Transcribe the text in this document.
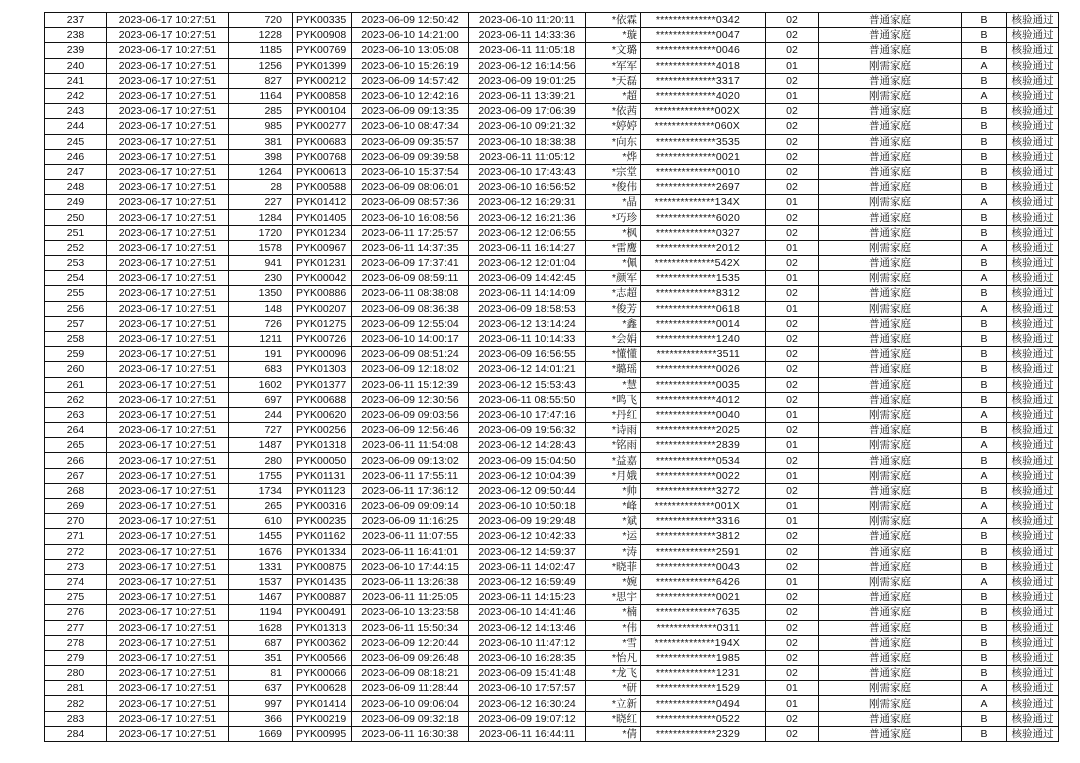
237	2023-06-17 10:27:51	720	PYK00335	2023-06-09 12:50:42	2023-06-10 11:20:11	*依霖	**************0342	02	普通家庭	B	核验通过
238	2023-06-17 10:27:51	1228	PYK00908	2023-06-10 14:21:00	2023-06-11 14:33:36	*璇	**************0047	02	普通家庭	B	核验通过
239	2023-06-17 10:27:51	1185	PYK00769	2023-06-10 13:05:08	2023-06-11 11:05:18	*文璐	**************0046	02	普通家庭	B	核验通过
240	2023-06-17 10:27:51	1256	PYK01399	2023-06-10 15:26:19	2023-06-12 16:14:56	*军军	**************4018	01	刚需家庭	A	核验通过
241	2023-06-17 10:27:51	827	PYK00212	2023-06-09 14:57:42	2023-06-09 19:01:25	*天磊	**************3317	02	普通家庭	B	核验通过
242	2023-06-17 10:27:51	1164	PYK00858	2023-06-10 12:42:16	2023-06-11 13:39:21	*超	**************4020	01	刚需家庭	A	核验通过
243	2023-06-17 10:27:51	285	PYK00104	2023-06-09 09:13:35	2023-06-09 17:06:39	*依茜	**************002X	02	普通家庭	B	核验通过
244	2023-06-17 10:27:51	985	PYK00277	2023-06-10 08:47:34	2023-06-10 09:21:32	*婷婷	**************060X	02	普通家庭	B	核验通过
245	2023-06-17 10:27:51	381	PYK00683	2023-06-09 09:35:57	2023-06-10 18:38:38	*向东	**************3535	02	普通家庭	B	核验通过
246	2023-06-17 10:27:51	398	PYK00768	2023-06-09 09:39:58	2023-06-11 11:05:12	*烨	**************0021	02	普通家庭	B	核验通过
247	2023-06-17 10:27:51	1264	PYK00613	2023-06-10 15:37:54	2023-06-10 17:43:43	*宗堂	**************0010	02	普通家庭	B	核验通过
248	2023-06-17 10:27:51	28	PYK00588	2023-06-09 08:06:01	2023-06-10 16:56:52	*俊伟	**************2697	02	普通家庭	B	核验通过
249	2023-06-17 10:27:51	227	PYK01412	2023-06-09 08:57:36	2023-06-12 16:29:31	*晶	**************134X	01	刚需家庭	A	核验通过
250	2023-06-17 10:27:51	1284	PYK01405	2023-06-10 16:08:56	2023-06-12 16:21:36	*巧珍	**************6020	02	普通家庭	B	核验通过
251	2023-06-17 10:27:51	1720	PYK01234	2023-06-11 17:25:57	2023-06-12 12:06:55	*枫	**************0327	02	普通家庭	B	核验通过
252	2023-06-17 10:27:51	1578	PYK00967	2023-06-11 14:37:35	2023-06-11 16:14:27	*雷鹰	**************2012	01	刚需家庭	A	核验通过
253	2023-06-17 10:27:51	941	PYK01231	2023-06-09 17:37:41	2023-06-12 12:01:04	*佩	**************542X	02	普通家庭	B	核验通过
254	2023-06-17 10:27:51	230	PYK00042	2023-06-09 08:59:11	2023-06-09 14:42:45	*颜军	**************1535	01	刚需家庭	A	核验通过
255	2023-06-17 10:27:51	1350	PYK00886	2023-06-11 08:38:08	2023-06-11 14:14:09	*志超	**************8312	02	普通家庭	B	核验通过
256	2023-06-17 10:27:51	148	PYK00207	2023-06-09 08:36:38	2023-06-09 18:58:53	*俊芳	**************0618	01	刚需家庭	A	核验通过
257	2023-06-17 10:27:51	726	PYK01275	2023-06-09 12:55:04	2023-06-12 13:14:24	*鑫	**************0014	02	普通家庭	B	核验通过
258	2023-06-17 10:27:51	1211	PYK00726	2023-06-10 14:00:17	2023-06-11 10:14:33	*会娟	**************1240	02	普通家庭	B	核验通过
259	2023-06-17 10:27:51	191	PYK00096	2023-06-09 08:51:24	2023-06-09 16:56:55	*懂懂	**************3511	02	普通家庭	B	核验通过
260	2023-06-17 10:27:51	683	PYK01303	2023-06-09 12:18:02	2023-06-12 14:01:21	*璐瑶	**************0026	02	普通家庭	B	核验通过
261	2023-06-17 10:27:51	1602	PYK01377	2023-06-11 15:12:39	2023-06-12 15:53:43	*慧	**************0035	02	普通家庭	B	核验通过
262	2023-06-17 10:27:51	697	PYK00688	2023-06-09 12:30:56	2023-06-11 08:55:50	*鸣飞	**************4012	02	普通家庭	B	核验通过
263	2023-06-17 10:27:51	244	PYK00620	2023-06-09 09:03:56	2023-06-10 17:47:16	*丹红	**************0040	01	刚需家庭	A	核验通过
264	2023-06-17 10:27:51	727	PYK00256	2023-06-09 12:56:46	2023-06-09 19:56:32	*诗雨	**************2025	02	普通家庭	B	核验通过
265	2023-06-17 10:27:51	1487	PYK01318	2023-06-11 11:54:08	2023-06-12 14:28:43	*铭雨	**************2839	01	刚需家庭	A	核验通过
266	2023-06-17 10:27:51	280	PYK00050	2023-06-09 09:13:02	2023-06-09 15:04:50	*益嘉	**************0534	02	普通家庭	B	核验通过
267	2023-06-17 10:27:51	1755	PYK01131	2023-06-11 17:55:11	2023-06-12 10:04:39	*月娥	**************0022	01	刚需家庭	A	核验通过
268	2023-06-17 10:27:51	1734	PYK01123	2023-06-11 17:36:12	2023-06-12 09:50:44	*帅	**************3272	02	普通家庭	B	核验通过
269	2023-06-17 10:27:51	265	PYK00316	2023-06-09 09:09:14	2023-06-10 10:50:18	*峰	**************001X	01	刚需家庭	A	核验通过
270	2023-06-17 10:27:51	610	PYK00235	2023-06-09 11:16:25	2023-06-09 19:29:48	*斌	**************3316	01	刚需家庭	A	核验通过
271	2023-06-17 10:27:51	1455	PYK01162	2023-06-11 11:07:55	2023-06-12 10:42:33	*运	**************3812	02	普通家庭	B	核验通过
272	2023-06-17 10:27:51	1676	PYK01334	2023-06-11 16:41:01	2023-06-12 14:59:37	*涛	**************2591	02	普通家庭	B	核验通过
273	2023-06-17 10:27:51	1331	PYK00875	2023-06-10 17:44:15	2023-06-11 14:02:47	*晓菲	**************0043	02	普通家庭	B	核验通过
274	2023-06-17 10:27:51	1537	PYK01435	2023-06-11 13:26:38	2023-06-12 16:59:49	*婉	**************6426	01	刚需家庭	A	核验通过
275	2023-06-17 10:27:51	1467	PYK00887	2023-06-11 11:25:05	2023-06-11 14:15:23	*思宇	**************0021	02	普通家庭	B	核验通过
276	2023-06-17 10:27:51	1194	PYK00491	2023-06-10 13:23:58	2023-06-10 14:41:46	*楠	**************7635	02	普通家庭	B	核验通过
277	2023-06-17 10:27:51	1628	PYK01313	2023-06-11 15:50:34	2023-06-12 14:13:46	*伟	**************0311	02	普通家庭	B	核验通过
278	2023-06-17 10:27:51	687	PYK00362	2023-06-09 12:20:44	2023-06-10 11:47:12	*雪	**************194X	02	普通家庭	B	核验通过
279	2023-06-17 10:27:51	351	PYK00566	2023-06-09 09:26:48	2023-06-10 16:28:35	*怡凡	**************1985	02	普通家庭	B	核验通过
280	2023-06-17 10:27:51	81	PYK00066	2023-06-09 08:18:21	2023-06-09 15:41:48	*龙飞	**************1231	02	普通家庭	B	核验通过
281	2023-06-17 10:27:51	637	PYK00628	2023-06-09 11:28:44	2023-06-10 17:57:57	*研	**************1529	01	刚需家庭	A	核验通过
282	2023-06-17 10:27:51	997	PYK01414	2023-06-10 09:06:04	2023-06-12 16:30:24	*立新	**************0494	01	刚需家庭	A	核验通过
283	2023-06-17 10:27:51	366	PYK00219	2023-06-09 09:32:18	2023-06-09 19:07:12	*晓红	**************0522	02	普通家庭	B	核验通过
284	2023-06-17 10:27:51	1669	PYK00995	2023-06-11 16:30:38	2023-06-11 16:44:11	*倩	**************2329	02	普通家庭	B	核验通过
